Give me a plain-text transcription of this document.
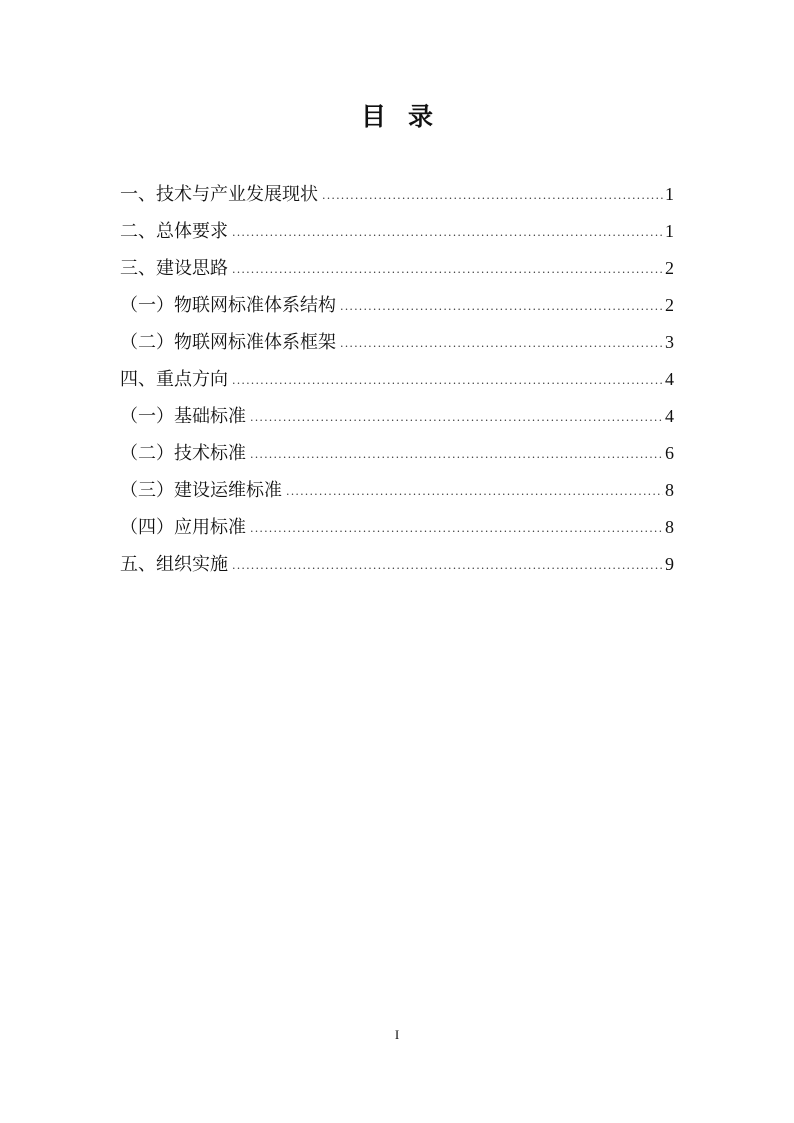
目 录
一、技术与产业发展现状 .....	1
二、总体要求 .....	1
三、建设思路 .....	2
（一）物联网标准体系结构 .....	2
（二）物联网标准体系框架 .....	3
四、重点方向 .....	4
（一）基础标准 .....	4
（二）技术标准 .....	6
（三）建设运维标准 .....	8
（四）应用标准 .....	8
五、组织实施 .....	9
I
